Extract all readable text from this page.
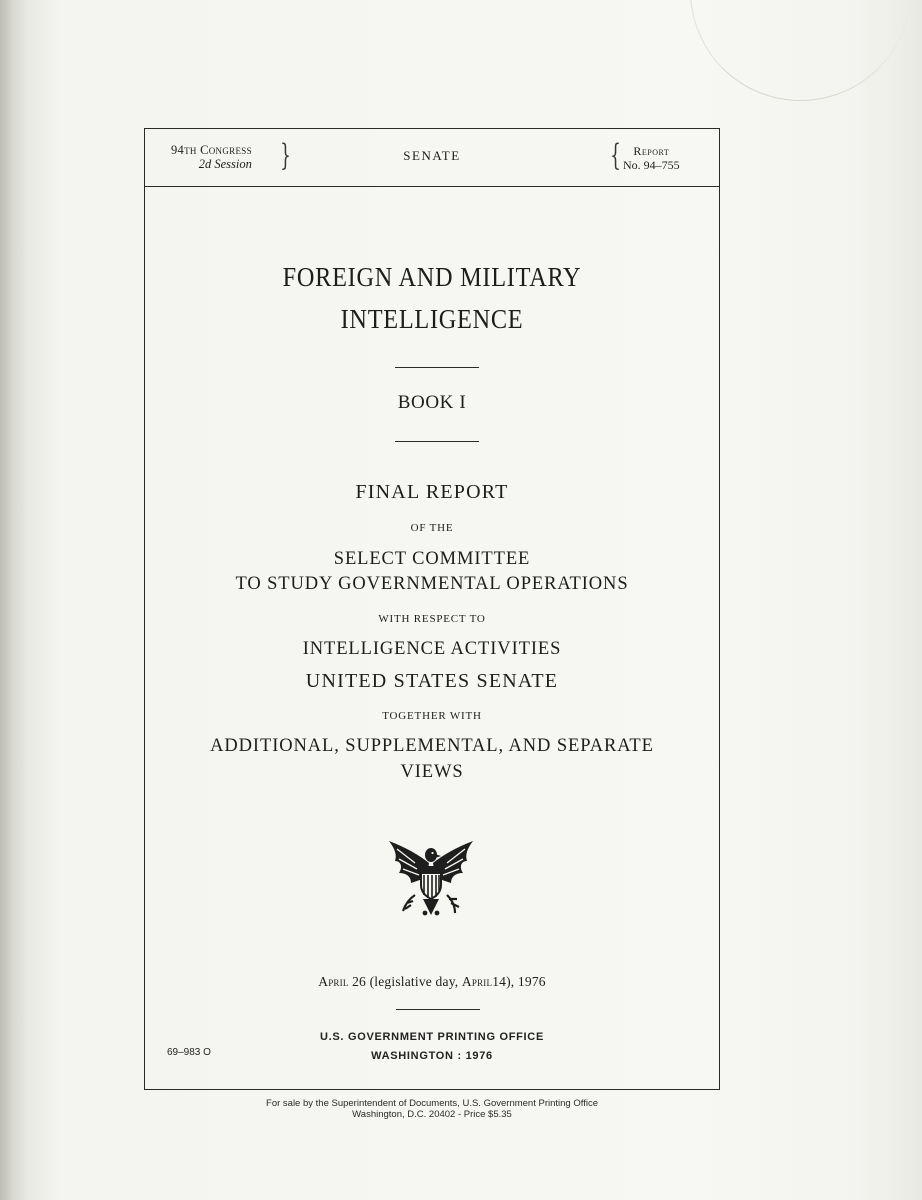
94th Congress
2d Session }	SENATE	{	Report
No. 94–755
FOREIGN AND MILITARY
INTELLIGENCE
BOOK I
FINAL REPORT
OF THE
SELECT COMMITTEE
TO STUDY GOVERNMENTAL OPERATIONS
WITH RESPECT TO
INTELLIGENCE ACTIVITIES
UNITED STATES SENATE
TOGETHER WITH
ADDITIONAL, SUPPLEMENTAL, AND SEPARATE
VIEWS
April 26 (legislative day, April14), 1976
U.S. GOVERNMENT PRINTING OFFICE
WASHINGTON : 1976
69–983 O
For sale by the Superintendent of Documents, U.S. Government Printing Office
Washington, D.C. 20402 - Price $5.35
